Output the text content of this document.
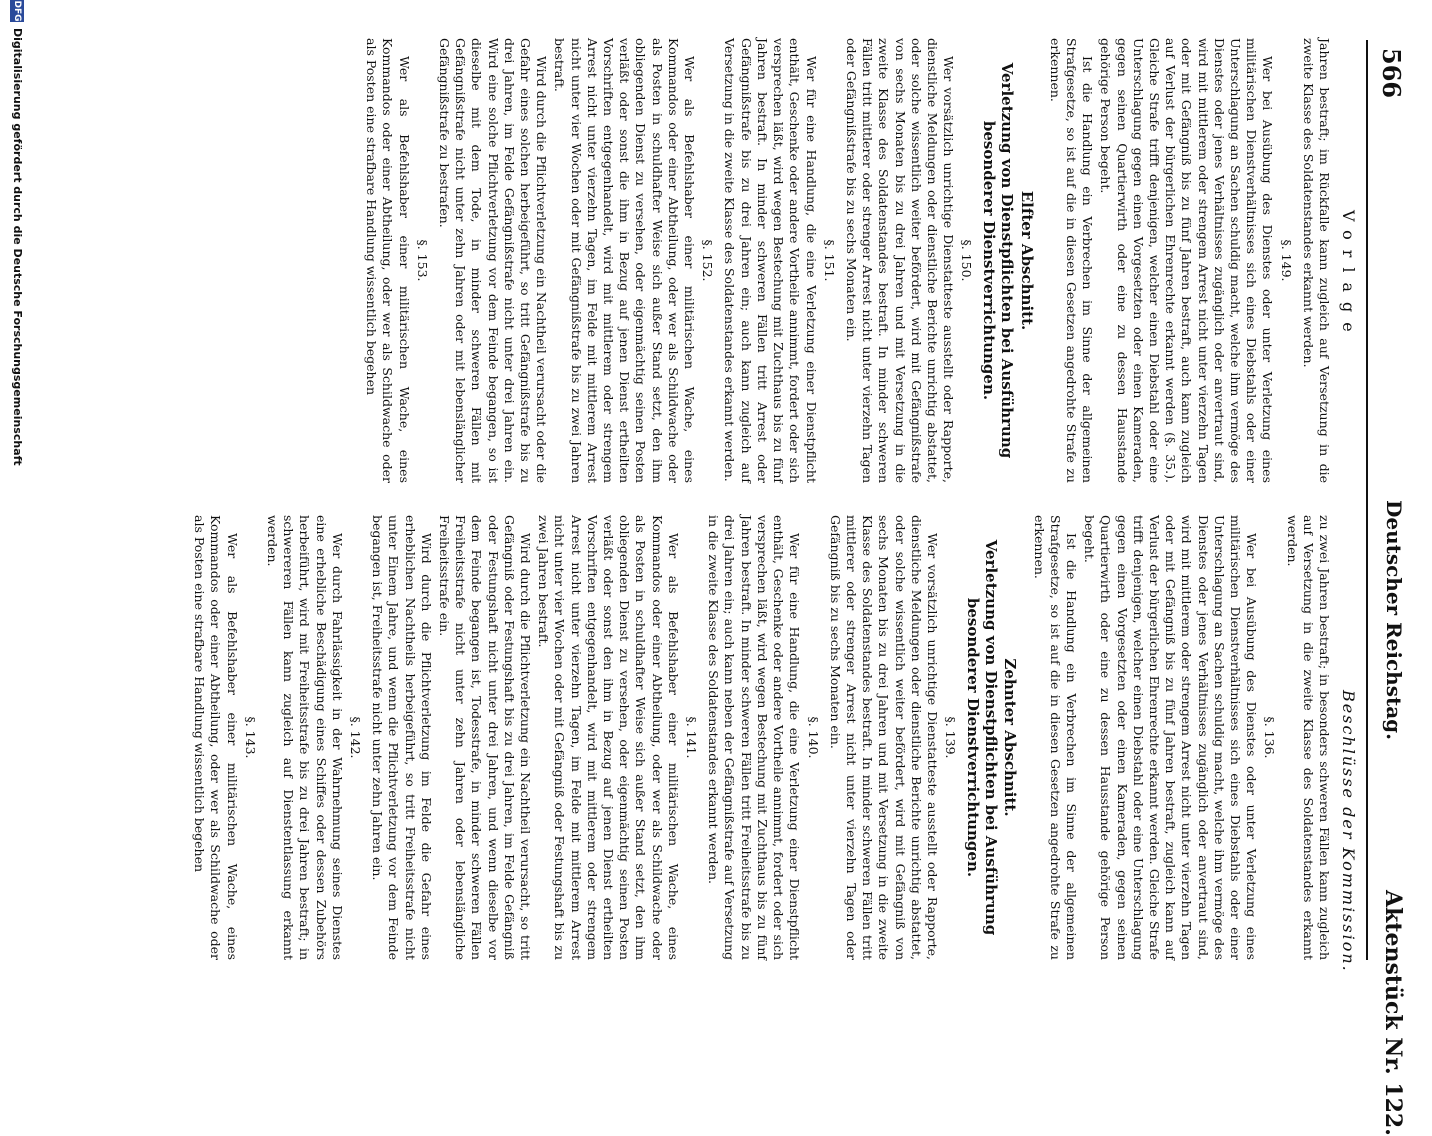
566
Deutscher Reichstag.
Aktenstück Nr. 122.
Vorlage
Beschlüsse der Kommission.

Jahren bestraft; im Rückfalle kann zugleich auf Versetzung in die zweite Klasse des Soldatenstandes erkannt werden.

§. 149.

Wer bei Ausübung des Dienstes oder unter Verletzung eines militärischen Dienstverhältnisses sich eines Diebstahls oder einer Unterschlagung an Sachen schuldig macht, welche ihm vermöge des Dienstes oder jenes Verhältnisses zugänglich oder anvertraut sind, wird mit mittlerem oder strengem Arrest nicht unter vierzehn Tagen oder mit Gefängniß bis zu fünf Jahren bestraft, auch kann zugleich auf Verlust der bürgerlichen Ehrenrechte erkannt werden (§. 35.). Gleiche Strafe trifft denjenigen, welcher einen Diebstahl oder eine Unterschlagung gegen einen Vorgesetzten oder einen Kameraden, gegen seinen Quartierwirth oder eine zu dessen Hausstande gehörige Person begeht.

Ist die Handlung ein Verbrechen im Sinne der allgemeinen Strafgesetze, so ist auf die in diesen Gesetzen angedrohte Strafe zu erkennen.

Elfter Abschnitt.
Verletzung von Dienstpflichten bei Ausführung besonderer Dienstverrichtungen.
§. 150.

Wer vorsätzlich unrichtige Dienstatteste ausstellt oder Rapporte, dienstliche Meldungen oder dienstliche Berichte unrichtig abstattet, oder solche wissentlich weiter befördert, wird mit Gefängnißstrafe von sechs Monaten bis zu drei Jahren und mit Versetzung in die zweite Klasse des Soldatenstandes bestraft. In minder schweren Fällen tritt mittlerer oder strenger Arrest nicht unter vierzehn Tagen oder Gefängnißstrafe bis zu sechs Monaten ein.

§. 151.

Wer für eine Handlung, die eine Verletzung einer Dienstpflicht enthält, Geschenke oder andere Vortheile annimmt, fordert oder sich versprechen läßt, wird wegen Bestechung mit Zuchthaus bis zu fünf Jahren bestraft. In minder schweren Fällen tritt Arrest oder Gefängnißstrafe bis zu drei Jahren ein; auch kann zugleich auf Versetzung in die zweite Klasse des Soldatenstandes erkannt werden.

§. 152.

Wer als Befehlshaber einer militärischen Wache, eines Kommandos oder einer Abtheilung, oder wer als Schildwache oder als Posten in schuldhafter Weise sich außer Stand setzt, den ihm obliegenden Dienst zu versehen, oder eigenmächtig seinen Posten verläßt oder sonst die ihm in Bezug auf jenen Dienst ertheilten Vorschriften entgegenhandelt, wird mit mittlerem oder strengem Arrest nicht unter vierzehn Tagen, im Felde mit mittlerem Arrest nicht unter vier Wochen oder mit Gefängnißstrafe bis zu zwei Jahren bestraft.

Wird durch die Pflichtverletzung ein Nachtheil verursacht oder die Gefahr eines solchen herbeigeführt, so tritt Gefängnißstrafe bis zu drei Jahren, im Felde Gefängnißstrafe nicht unter drei Jahren ein. Wird eine solche Pflichtverletzung vor dem Feinde begangen, so ist dieselbe mit dem Tode, in minder schweren Fällen mit Gefängnißstrafe nicht unter zehn Jahren oder mit lebenslänglicher Gefängnißstrafe zu bestrafen.

§. 153.

Wer als Befehlshaber einer militärischen Wache, eines Kommandos oder einer Abtheilung, oder wer als Schildwache oder als Posten eine strafbare Handlung wissentlich begehen

zu zwei Jahren bestraft; in besonders schweren Fällen kann zugleich auf Versetzung in die zweite Klasse des Soldatenstandes erkannt werden.

§. 136.

Wer bei Ausübung des Dienstes oder unter Verletzung eines militärischen Dienstverhältnisses sich eines Diebstahls oder einer Unterschlagung an Sachen schuldig macht, welche ihm vermöge des Dienstes oder jenes Verhältnisses zugänglich oder anvertraut sind, wird mit mittlerem oder strengem Arrest nicht unter vierzehn Tagen oder mit Gefängniß bis zu fünf Jahren bestraft, zugleich kann auf Verlust der bürgerlichen Ehrenrechte erkannt werden. Gleiche Strafe trifft denjenigen, welcher einen Diebstahl oder eine Unterschlagung gegen einen Vorgesetzten oder einen Kameraden, gegen seinen Quartierwirth oder eine zu dessen Hausstande gehörige Person begeht.

Ist die Handlung ein Verbrechen im Sinne der allgemeinen Strafgesetze, so ist auf die in diesen Gesetzen angedrohte Strafe zu erkennen.

Zehnter Abschnitt.
Verletzung von Dienstpflichten bei Ausführung besonderer Dienstverrichtungen.
§. 139.

Wer vorsätzlich unrichtige Dienstatteste ausstellt oder Rapporte, dienstliche Meldungen oder dienstliche Berichte unrichtig abstattet, oder solche wissentlich weiter befördert, wird mit Gefängniß von sechs Monaten bis zu drei Jahren und mit Versetzung in die zweite Klasse des Soldatenstandes bestraft. In minder schweren Fällen tritt mittlerer oder strenger Arrest nicht unter vierzehn Tagen oder Gefängniß bis zu sechs Monaten ein.

§. 140.

Wer für eine Handlung, die eine Verletzung einer Dienstpflicht enthält, Geschenke oder andere Vortheile annimmt, fordert oder sich versprechen läßt, wird wegen Bestechung mit Zuchthaus bis zu fünf Jahren bestraft. In minder schweren Fällen tritt Freiheitsstrafe bis zu drei Jahren ein; auch kann neben der Gefängnißstrafe auf Versetzung in die zweite Klasse des Soldatenstandes erkannt werden.

§. 141.

Wer als Befehlshaber einer militärischen Wache, eines Kommandos oder einer Abtheilung, oder wer als Schildwache oder als Posten in schuldhafter Weise sich außer Stand setzt, den ihm obliegenden Dienst zu versehen, oder eigenmächtig seinen Posten verläßt oder sonst den ihm in Bezug auf jenen Dienst ertheilten Vorschriften entgegenhandelt, wird mit mittlerem oder strengem Arrest nicht unter vierzehn Tagen, im Felde mit mittlerem Arrest nicht unter vier Wochen oder mit Gefängniß oder Festungshaft bis zu zwei Jahren bestraft.

Wird durch die Pflichtverletzung ein Nachtheil verursacht, so tritt Gefängniß oder Festungshaft bis zu drei Jahren, im Felde Gefängniß oder Festungshaft nicht unter drei Jahren, und wenn dieselbe vor dem Feinde begangen ist, Todesstrafe, in minder schweren Fällen Freiheitsstrafe nicht unter zehn Jahren oder lebenslängliche Freiheitsstrafe ein.

Wird durch die Pflichtverletzung im Felde die Gefahr eines erheblichen Nachtheils herbeigeführt, so tritt Freiheitsstrafe nicht unter Einem Jahre, und wenn die Pflichtverletzung vor dem Feinde begangen ist, Freiheitsstrafe nicht unter zehn Jahren ein.

§. 142.

Wer durch Fahrlässigkeit in der Wahrnehmung seines Dienstes eine erhebliche Beschädigung eines Schiffes oder dessen Zubehörs herbeiführt, wird mit Freiheitsstrafe bis zu drei Jahren bestraft; in schwereren Fällen kann zugleich auf Dienstentlassung erkannt werden.

§. 143.

Wer als Befehlshaber einer militärischen Wache, eines Kommandos oder einer Abtheilung, oder wer als Schildwache oder als Posten eine strafbare Handlung wissentlich begehen

DFG
Digitalisierung gefördert durch die Deutsche Forschungsgemeinschaft
